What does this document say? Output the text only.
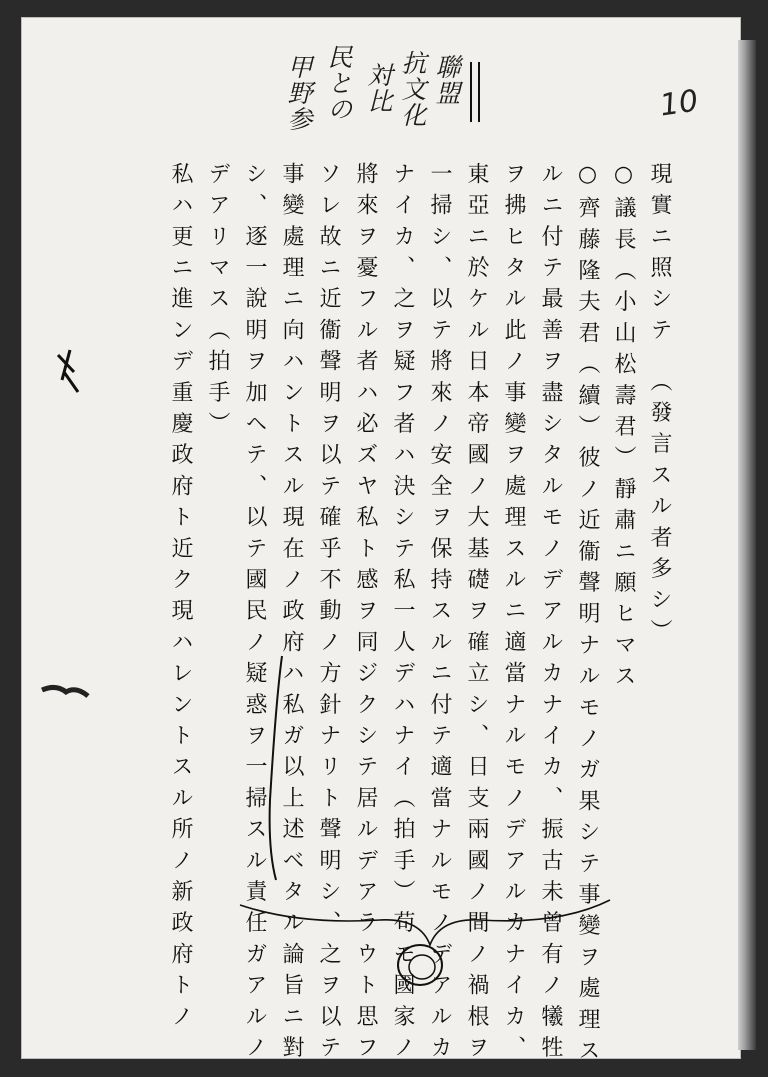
10
聯盟
抗文化
対比
民との
甲野参
現實ニ照シテ　（發言スル者多シ）
○議長（小山松壽君）靜肅ニ願ヒマス
○齊藤隆夫君（續）彼ノ近衞聲明ナルモノガ果シテ事變ヲ處理ス
ルニ付テ最善ヲ盡シタルモノデアルカナイカ、振古未曾有ノ犧牲
ヲ拂ヒタル此ノ事變ヲ處理スルニ適當ナルモノデアルカナイカ、
東亞ニ於ケル日本帝國ノ大基礎ヲ確立シ、日支兩國ノ間ノ禍根ヲ
一掃シ、以テ將來ノ安全ヲ保持スルニ付テ適當ナルモノデアルカ
ナイカ、之ヲ疑フ者ハ決シテ私一人デハナイ（拍手）苟モ國家ノ
將來ヲ憂フル者ハ必ズヤ私ト感ヲ同ジクシテ居ルデアラウト思フ
ソレ故ニ近衞聲明ヲ以テ確乎不動ノ方針ナリト聲明シ、之ヲ以テ
事變處理ニ向ハントスル現在ノ政府ハ私ガ以上述ベタル論旨ニ對
シ、逐一說明ヲ加ヘテ、以テ國民ノ疑惑ヲ一掃スル責任ガアルノ
デアリマス（拍手）
私ハ更ニ進ンデ重慶政府ト近ク現ハレントスル所ノ新政府トノ
